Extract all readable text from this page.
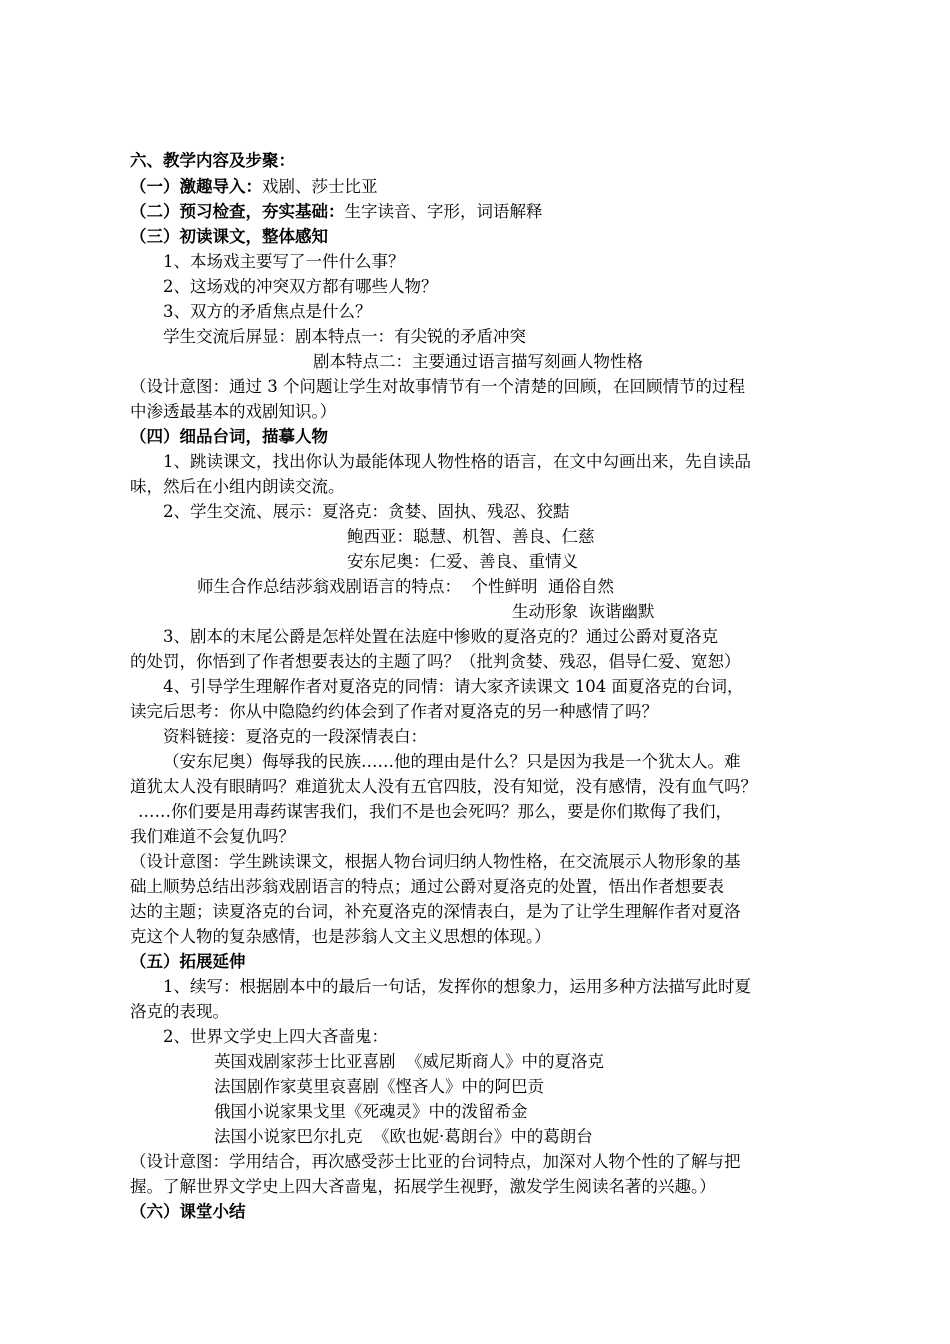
六、教学内容及步聚：
（一）激趣导入：戏剧、莎士比亚
（二）预习检查，夯实基础：生字读音、字形，词语解释
（三）初读课文，整体感知
1、本场戏主要写了一件什么事？
2、这场戏的冲突双方都有哪些人物？
3、双方的矛盾焦点是什么？
学生交流后屏显：剧本特点一：有尖锐的矛盾冲突
剧本特点二：主要通过语言描写刻画人物性格
（设计意图：通过 3 个问题让学生对故事情节有一个清楚的回顾，在回顾情节的过程
中渗透最基本的戏剧知识。）
（四）细品台词，描摹人物
1、跳读课文，找出你认为最能体现人物性格的语言，在文中勾画出来，先自读品
味，然后在小组内朗读交流。
2、学生交流、展示：夏洛克：贪婪、固执、残忍、狡黠
鲍西亚：聪慧、机智、善良、仁慈
安东尼奥：仁爱、善良、重情义
师生合作总结莎翁戏剧语言的特点：  个性鲜明  通俗自然
生动形象  诙谐幽默
3、剧本的末尾公爵是怎样处置在法庭中惨败的夏洛克的？通过公爵对夏洛克
的处罚，你悟到了作者想要表达的主题了吗？（批判贪婪、残忍，倡导仁爱、宽恕）
4、引导学生理解作者对夏洛克的同情：请大家齐读课文 104 面夏洛克的台词，
读完后思考：你从中隐隐约约体会到了作者对夏洛克的另一种感情了吗？
资料链接：夏洛克的一段深情表白：
（安东尼奥）侮辱我的民族……他的理由是什么？只是因为我是一个犹太人。难
道犹太人没有眼睛吗？难道犹太人没有五官四肢，没有知觉，没有感情，没有血气吗？
……你们要是用毒药谋害我们，我们不是也会死吗？那么，要是你们欺侮了我们，
我们难道不会复仇吗？
（设计意图：学生跳读课文，根据人物台词归纳人物性格，在交流展示人物形象的基
础上顺势总结出莎翁戏剧语言的特点；通过公爵对夏洛克的处置，悟出作者想要表
达的主题；读夏洛克的台词，补充夏洛克的深情表白，是为了让学生理解作者对夏洛
克这个人物的复杂感情，也是莎翁人文主义思想的体现。）
（五）拓展延伸
1、续写：根据剧本中的最后一句话，发挥你的想象力，运用多种方法描写此时夏
洛克的表现。
2、世界文学史上四大吝啬鬼：
英国戏剧家莎士比亚喜剧  《威尼斯商人》中的夏洛克
法国剧作家莫里哀喜剧《悭吝人》中的阿巴贡
俄国小说家果戈里《死魂灵》中的泼留希金
法国小说家巴尔扎克  《欧也妮·葛朗台》中的葛朗台
（设计意图：学用结合，再次感受莎士比亚的台词特点，加深对人物个性的了解与把
握。了解世界文学史上四大吝啬鬼，拓展学生视野，激发学生阅读名著的兴趣。）
（六）课堂小结
